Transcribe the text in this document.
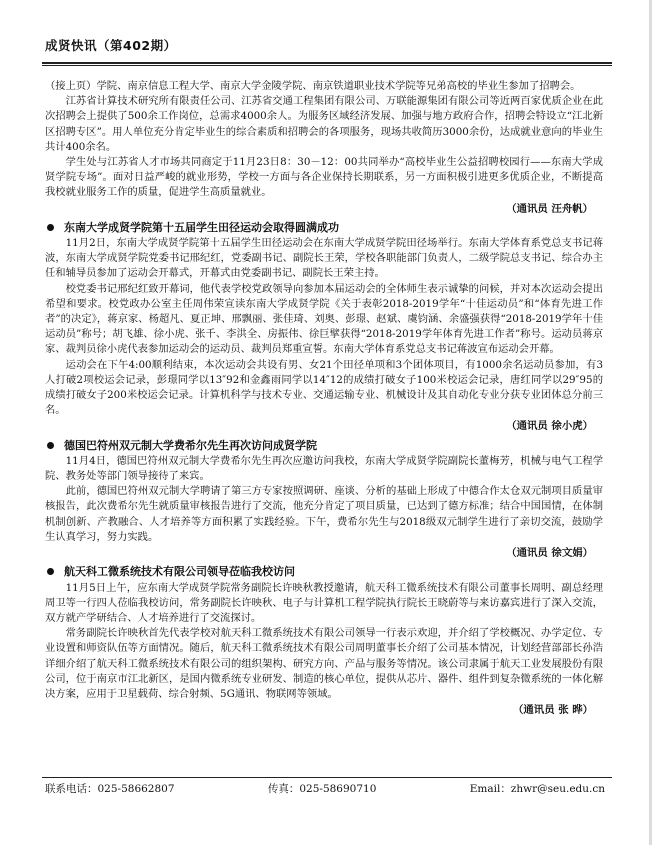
成贤快讯（第402期）

（接上页）学院、南京信息工程大学、南京大学金陵学院、南京铁道职业技术学院等兄弟高校的毕业生参加了招聘会。

江苏省计算技术研究所有限责任公司、江苏省交通工程集团有限公司、万联能源集团有限公司等近两百家优质企业在此次招聘会上提供了500余工作岗位，总需求4000余人。为服务区域经济发展、加强与地方政府合作，招聘会特设立“江北新区招聘专区”。用人单位充分肯定毕业生的综合素质和招聘会的各项服务，现场共收简历3000余份，达成就业意向的毕业生共计400余名。

学生处与江苏省人才市场共同商定于11月23日8：30－12：00共同举办“高校毕业生公益招聘校园行——东南大学成贤学院专场”。面对日益严峻的就业形势，学校一方面与各企业保持长期联系，另一方面积极引进更多优质企业，不断提高我校就业服务工作的质量，促进学生高质量就业。

（通讯员 汪舟帆）
东南大学成贤学院第十五届学生田径运动会取得圆满成功

11月2日，东南大学成贤学院第十五届学生田径运动会在东南大学成贤学院田径场举行。东南大学体育系党总支书记蒋波，东南大学成贤学院党委书记邢纪红，党委副书记、副院长王荣，学校各职能部门负责人，二级学院总支书记、综合办主任和辅导员参加了运动会开幕式，开幕式由党委副书记、副院长王荣主持。

校党委书记邢纪红致开幕词，他代表学校党政领导向参加本届运动会的全体师生表示诚挚的问候，并对本次运动会提出希望和要求。校党政办公室主任周伟荣宣读东南大学成贤学院《关于表彰2018-2019学年“十佳运动员”和“体育先进工作者”的决定》，蒋京家、杨超凡、夏正坤、邢飘丽、张佳琦、刘奥、彭璟、赵斌、虞钧涵、余盛强获得“2018-2019学年十佳运动员”称号；胡飞雄、徐小虎、张千、李洪全、房振伟、徐巨擘获得“2018-2019学年体育先进工作者”称号。运动员蒋京家、裁判员徐小虎代表参加运动会的运动员、裁判员郑重宣誓。东南大学体育系党总支书记蒋波宣布运动会开幕。

运动会在下午4:00顺利结束，本次运动会共设有男、女21个田径单项和3个团体项目，有1000余名运动员参加，有3人打破2项校运会记录，彭璟同学以13″92和金鑫雨同学以14″12的成绩打破女子100米校运会记录，唐红同学以29″95的成绩打破女子200米校运会记录。计算机科学与技术专业、交通运输专业、机械设计及其自动化专业分获专业团体总分前三名。

（通讯员 徐小虎）
德国巴符州双元制大学费希尔先生再次访问成贤学院

11月4日，德国巴符州双元制大学费希尔先生再次应邀访问我校，东南大学成贤学院副院长董梅芳，机械与电气工程学院、教务处等部门领导接待了来宾。

此前，德国巴符州双元制大学聘请了第三方专家按照调研、座谈、分析的基础上形成了中德合作太仓双元制项目质量审核报告，此次费希尔先生就质量审核报告进行了交流，他充分肯定了项目质量，已达到了德方标准；结合中国国情，在体制机制创新、产教融合、人才培养等方面积累了实践经验。下午，费希尔先生与2018级双元制学生进行了亲切交流，鼓励学生认真学习，努力实践。

（通讯员 徐文娟）
航天科工微系统技术有限公司领导莅临我校访问

11月5日上午，应东南大学成贤学院常务副院长许映秋教授邀请，航天科工微系统技术有限公司董事长周明、副总经理周卫等一行四人莅临我校访问，常务副院长许映秋、电子与计算机工程学院执行院长王晓蔚等与来访嘉宾进行了深入交流，双方就产学研结合、人才培养进行了交流探讨。

常务副院长许映秋首先代表学校对航天科工微系统技术有限公司领导一行表示欢迎，并介绍了学校概况、办学定位、专业设置和师资队伍等方面情况。随后，航天科工微系统技术有限公司周明董事长介绍了公司基本情况，计划经营部部长孙浩详细介绍了航天科工微系统技术有限公司的组织架构、研究方向、产品与服务等情况。该公司隶属于航天工业发展股份有限公司，位于南京市江北新区，是国内微系统专业研发、制造的核心单位，提供从芯片、器件、组件到复杂微系统的一体化解决方案，应用于卫星载荷、综合射频、5G通讯、物联网等领域。

（通讯员 张 晔）
联系电话：025-58662807	传真：025-58690710	Email：zhwr@seu.edu.cn
